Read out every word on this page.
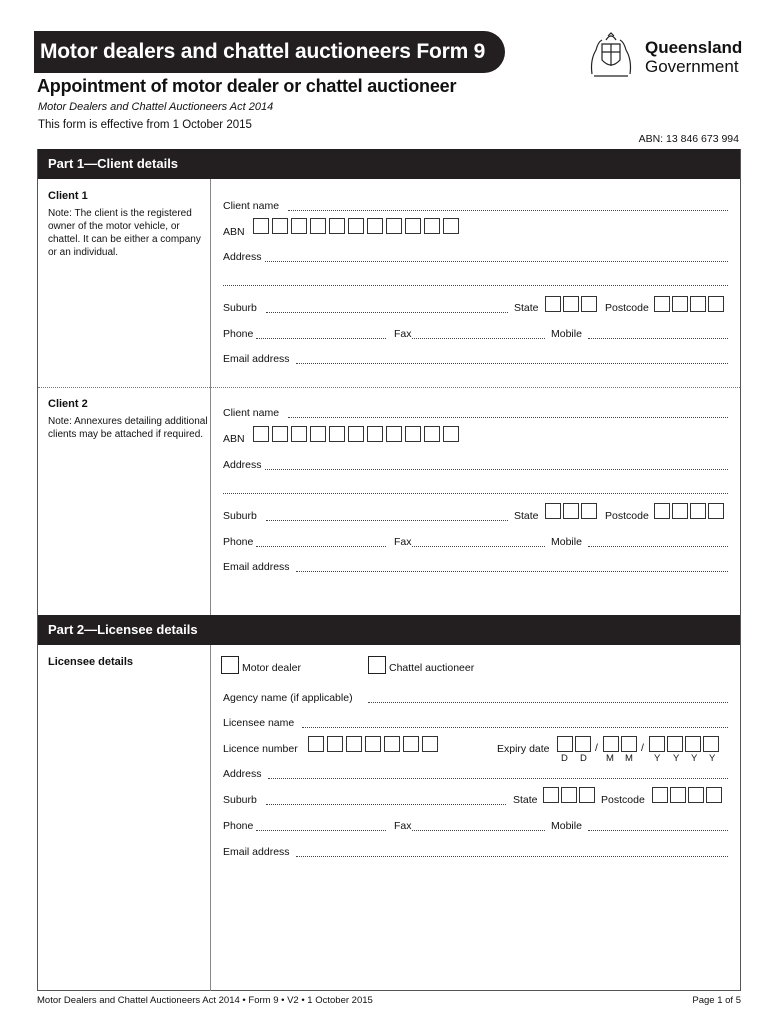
Motor dealers and chattel auctioneers Form 9
Appointment of motor dealer or chattel auctioneer
Motor Dealers and Chattel Auctioneers Act 2014
This form is effective from 1 October 2015
ABN: 13 846 673 994
Queensland
Government
Part 1—Client details
Part 2—Licensee details
Client 1
Note: The client is the registered owner of the motor vehicle, or chattel. It can be either a company or an individual.
Client name
ABN
Address
Suburb	State	Postcode
Phone	Fax	Mobile
Email address
Client 2
Note: Annexures detailing additional clients may be attached if required.
Client name
ABN
Address
Suburb	State	Postcode
Phone	Fax	Mobile
Email address
Licensee details	Motor dealer	Chattel auctioneer
Agency name (if applicable)
Licensee name
Licence number	Expiry date	/	/
D D M M Y Y Y Y
Address
Suburb	State	Postcode
Phone	Fax	Mobile
Email address
Motor Dealers and Chattel Auctioneers Act 2014 • Form 9 • V2 • 1 October 2015	Page 1 of 5
